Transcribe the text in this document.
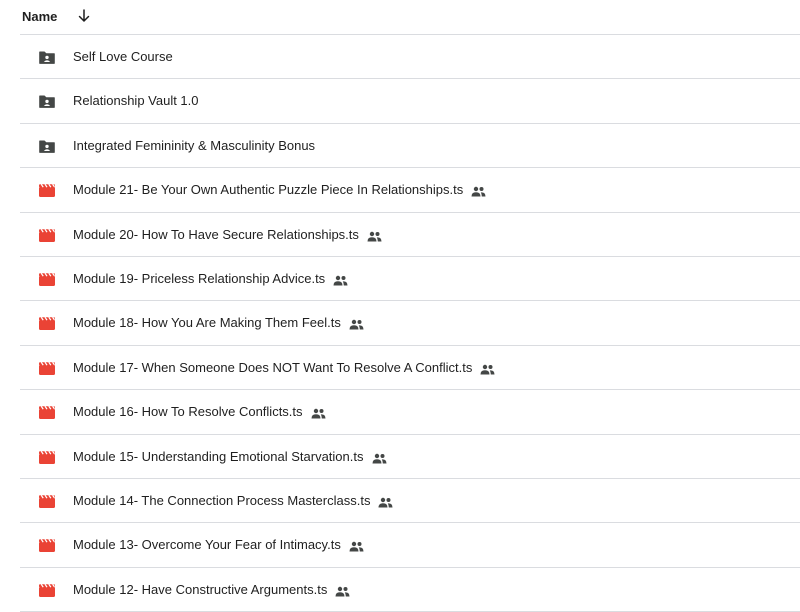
Name
Self Love Course
Relationship Vault 1.0
Integrated Femininity & Masculinity Bonus
Module 21- Be Your Own Authentic Puzzle Piece In Relationships.ts
Module 20- How To Have Secure Relationships.ts
Module 19- Priceless Relationship Advice.ts
Module 18- How You Are Making Them Feel.ts
Module 17- When Someone Does NOT Want To Resolve A Conflict.ts
Module 16- How To Resolve Conflicts.ts
Module 15- Understanding Emotional Starvation.ts
Module 14- The Connection Process Masterclass.ts
Module 13- Overcome Your Fear of Intimacy.ts
Module 12- Have Constructive Arguments.ts
